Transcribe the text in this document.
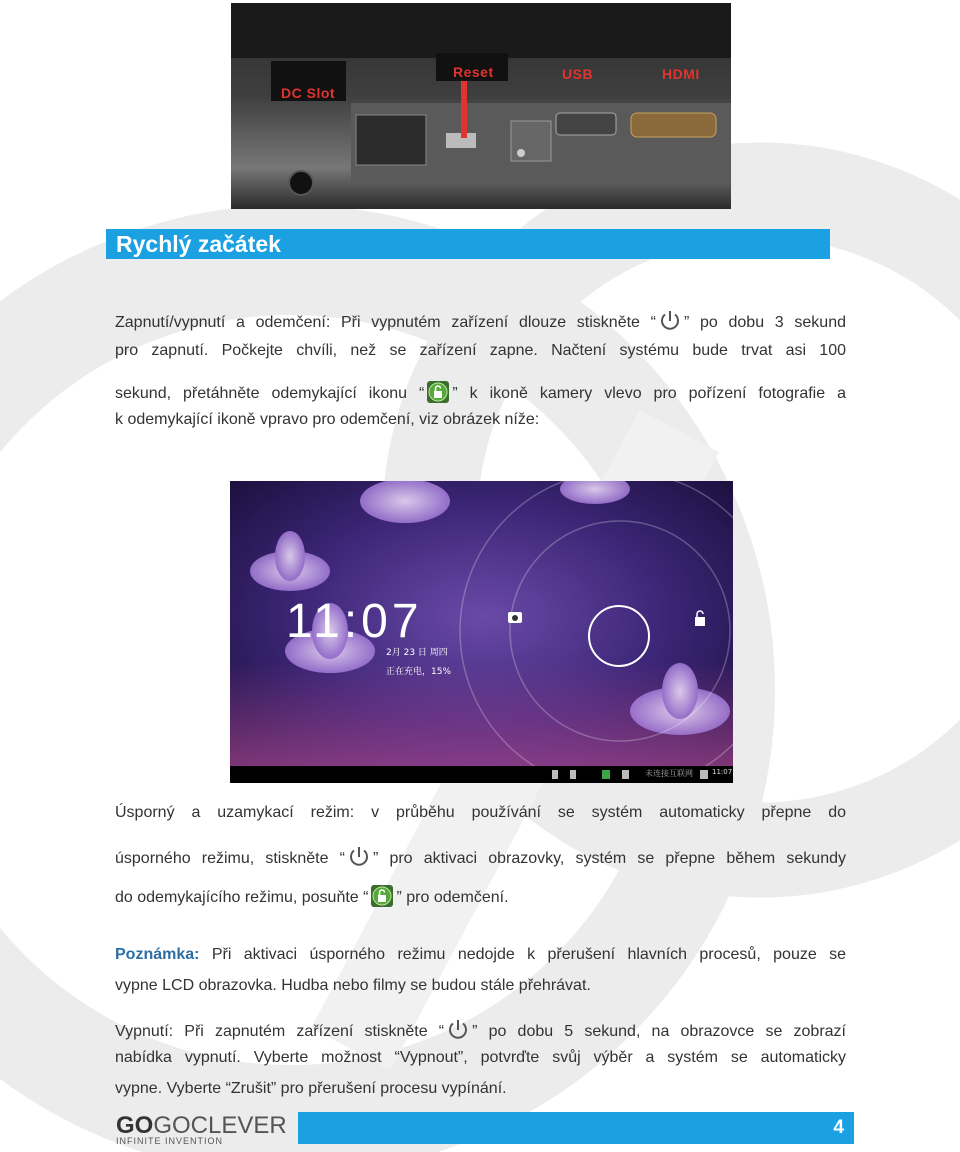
DC Slot
Reset	USB	HDMI
Rychlý začátek
Zapnutí/vypnutí a odemčení: Při vypnutém zařízení dlouze stiskněte “ ” po dobu 3 sekund
pro zapnutí. Počkejte chvíli, než se zařízení zapne. Načtení systému bude trvat asi 100
sekund, přetáhněte odemykající ikonu “ ” k ikoně kamery vlevo pro pořízení fotografie a
k odemykající ikoně vpravo pro odemčení, viz obrázek níže:
11:07
2月 23 日 周四
正在充电，15%
未连接互联网	11:07
Úsporný a uzamykací režim: v průběhu používání se systém automaticky přepne do
úsporného režimu, stiskněte “ ” pro aktivaci obrazovky, systém se přepne během sekundy
do odemykajícího režimu, posuňte “ ” pro odemčení.
Poznámka: Při aktivaci úsporného režimu nedojde k přerušení hlavních procesů, pouze se
vypne LCD obrazovka. Hudba nebo filmy se budou stále přehrávat.
Vypnutí: Při zapnutém zařízení stiskněte “ ” po dobu 5 sekund, na obrazovce se zobrazí
nabídka vypnutí. Vyberte možnost “Vypnout”, potvrďte svůj výběr a systém se automaticky
vypne. Vyberte “Zrušit” pro přerušení procesu vypínání.
GOGOCLEVER
INFINITE INVENTION
4
